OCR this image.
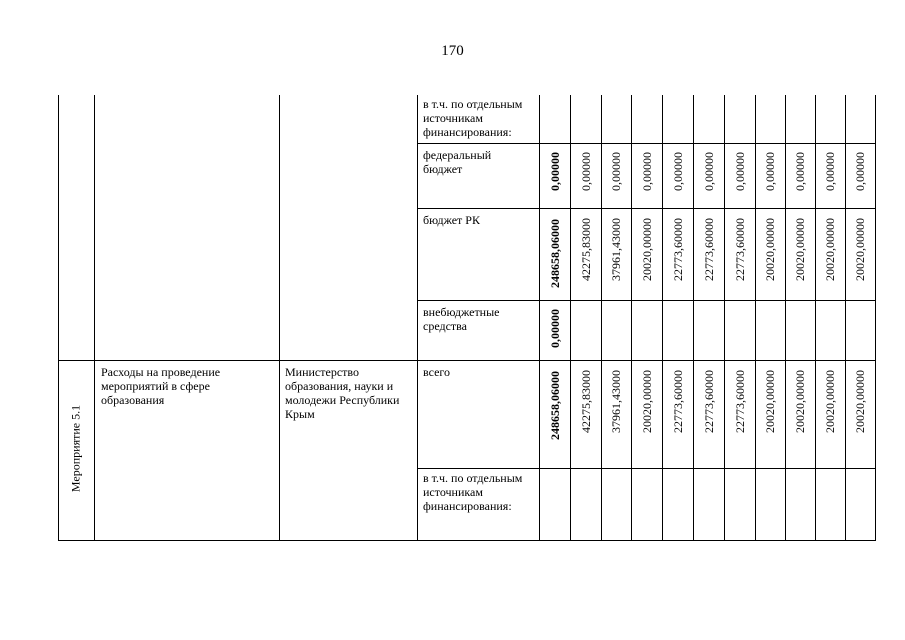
170
Мероприятие 5.1
Расходы на проведение мероприятий в сфере образования
Министерство образования, науки и молодежи Республики Крым
в т.ч. по отдельным источникам финансирования:
федеральный бюджет
бюджет РК
внебюджетные средства
всего
в т.ч. по отдельным источникам финансирования:
0,00000 0,00000 0,00000 0,00000 0,00000 0,00000 0,00000 0,00000 0,00000 0,00000 0,00000
248658,06000 42275,83000 37961,43000 20020,00000 22773,60000 22773,60000 22773,60000 20020,00000 20020,00000 20020,00000 20020,00000
0,00000
248658,06000 42275,83000 37961,43000 20020,00000 22773,60000 22773,60000 22773,60000 20020,00000 20020,00000 20020,00000 20020,00000
